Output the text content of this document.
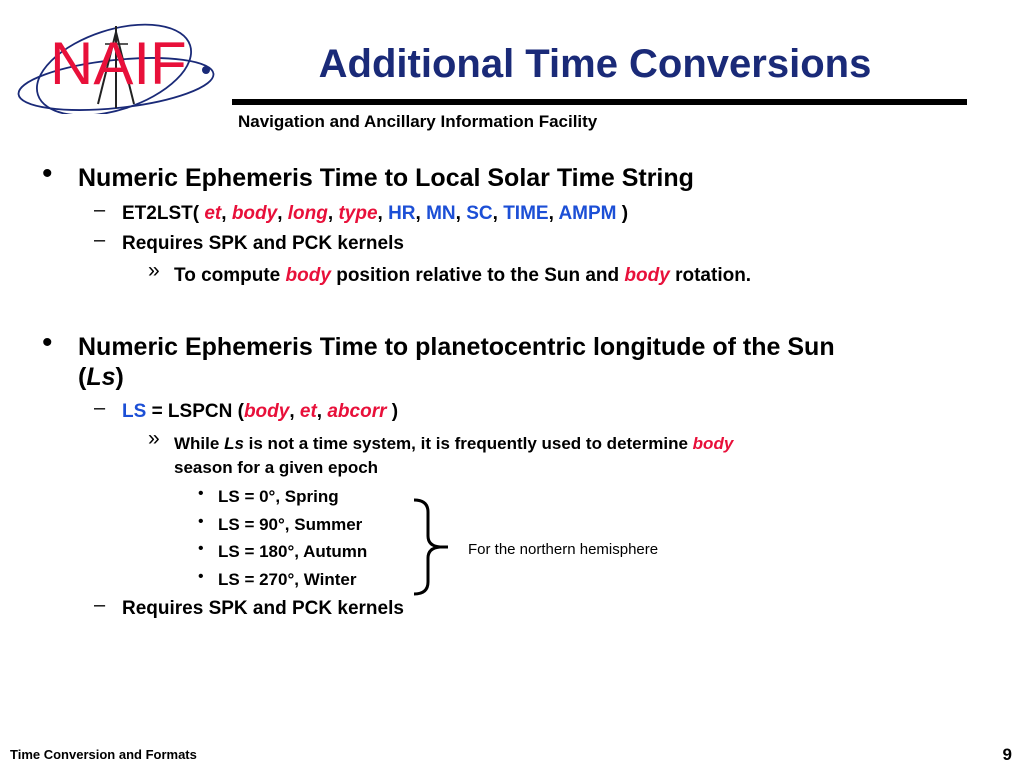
NAIF	Additional Time Conversions
Navigation and Ancillary Information Facility
• Numeric Ephemeris Time to Local Solar Time String
– ET2LST( et, body, long, type, HR, MN, SC, TIME, AMPM )
– Requires SPK and PCK kernels
» To compute body position relative to the Sun and body rotation.
• Numeric Ephemeris Time to planetocentric longitude of the Sun
(Ls)
– LS = LSPCN (body, et, abcorr )
» While Ls is not a time system, it is frequently used to determine body
season for a given epoch
• LS = 0°, Spring
• LS = 90°, Summer
• LS = 180°, Autumn
• LS = 270°, Winter
For the northern hemisphere
– Requires SPK and PCK kernels
Time Conversion and Formats	9
